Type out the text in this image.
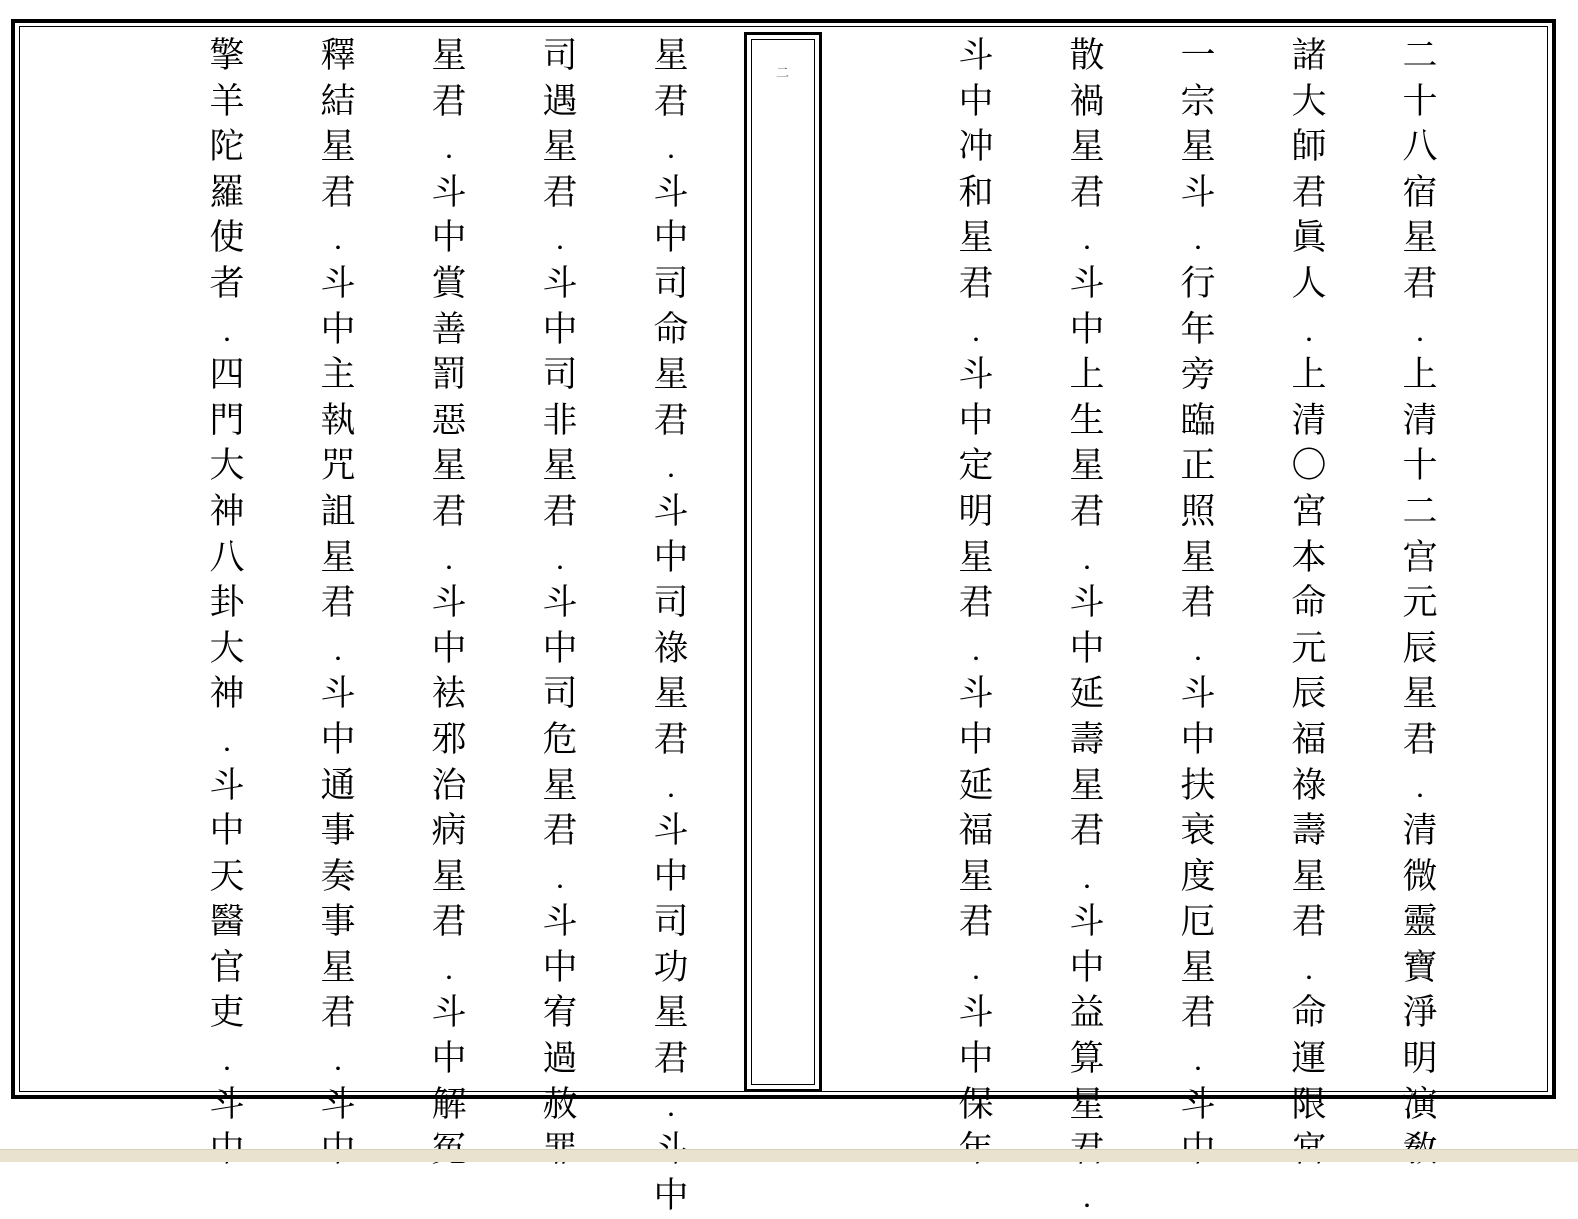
二
十
八
宿
星
君
﹒
上
清
十
二
宫
元
辰
星
君
﹒
清
微
靈
寶
淨
明
演

諸
大
師
君
眞
人
﹒
上
清
〇
宮
本
命
元
辰
福
祿
壽
星
君
﹒
命
運
限

一
宗
星
斗
﹒
行
年
旁
臨
正
照
星
君
﹒
斗
中
扶
衰
度
厄
星
君
﹒
斗

散
禍
星
君
﹒
斗
中
上
生
星
君
﹒
斗
中
延
壽
星
君
﹒
斗
中
益
算
星

﹒
斗
中
冲
和
星
君
﹒
斗
中
定
明
星
君
﹒
斗
中
延
福
星
君
﹒
斗
中
保

二
星
君
﹒
斗
中
司
命
星
君
﹒
斗
中
司
祿
星
君
﹒
斗
中
司
功
星
君
﹒

中
司
遇
星
君
﹒
斗
中
司
非
星
君
﹒
斗
中
司
危
星
君
﹒
斗
中
宥
過
赦

星
君
﹒
斗
中
賞
善
罰
惡
星
君
﹒
斗
中
袪
邪
治
病
星
君
﹒
斗
中
解

釋
結
星
君
﹒
斗
中
主
執
咒
詛
星
君
﹒
斗
中
通
事
奏
事
星
君
﹒
斗

擎
羊
陀
羅
使
者
﹒
四
門
大
神
八
卦
大
神
﹒
斗
中
天
醫
官
吏
﹒
斗
